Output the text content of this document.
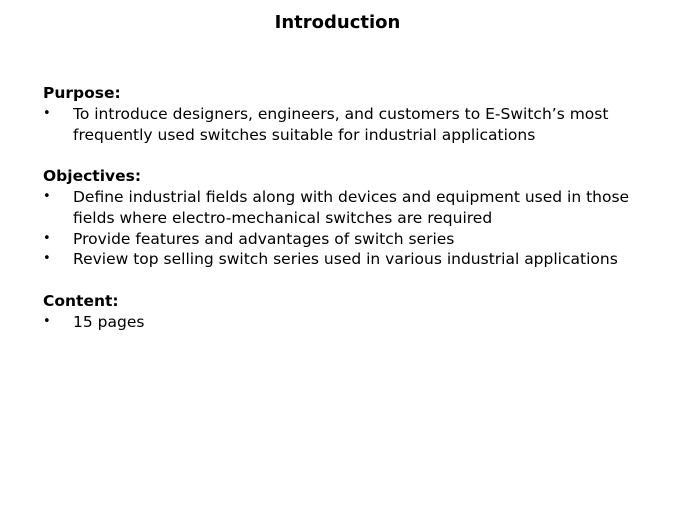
Introduction
Purpose:
• To introduce designers, engineers, and customers to E-Switch’s most frequently used switches suitable for industrial applications
Objectives:
• Define industrial fields along with devices and equipment used in those fields where electro-mechanical switches are required
• Provide features and advantages of switch series
• Review top selling switch series used in various industrial applications
Content:
• 15 pages
